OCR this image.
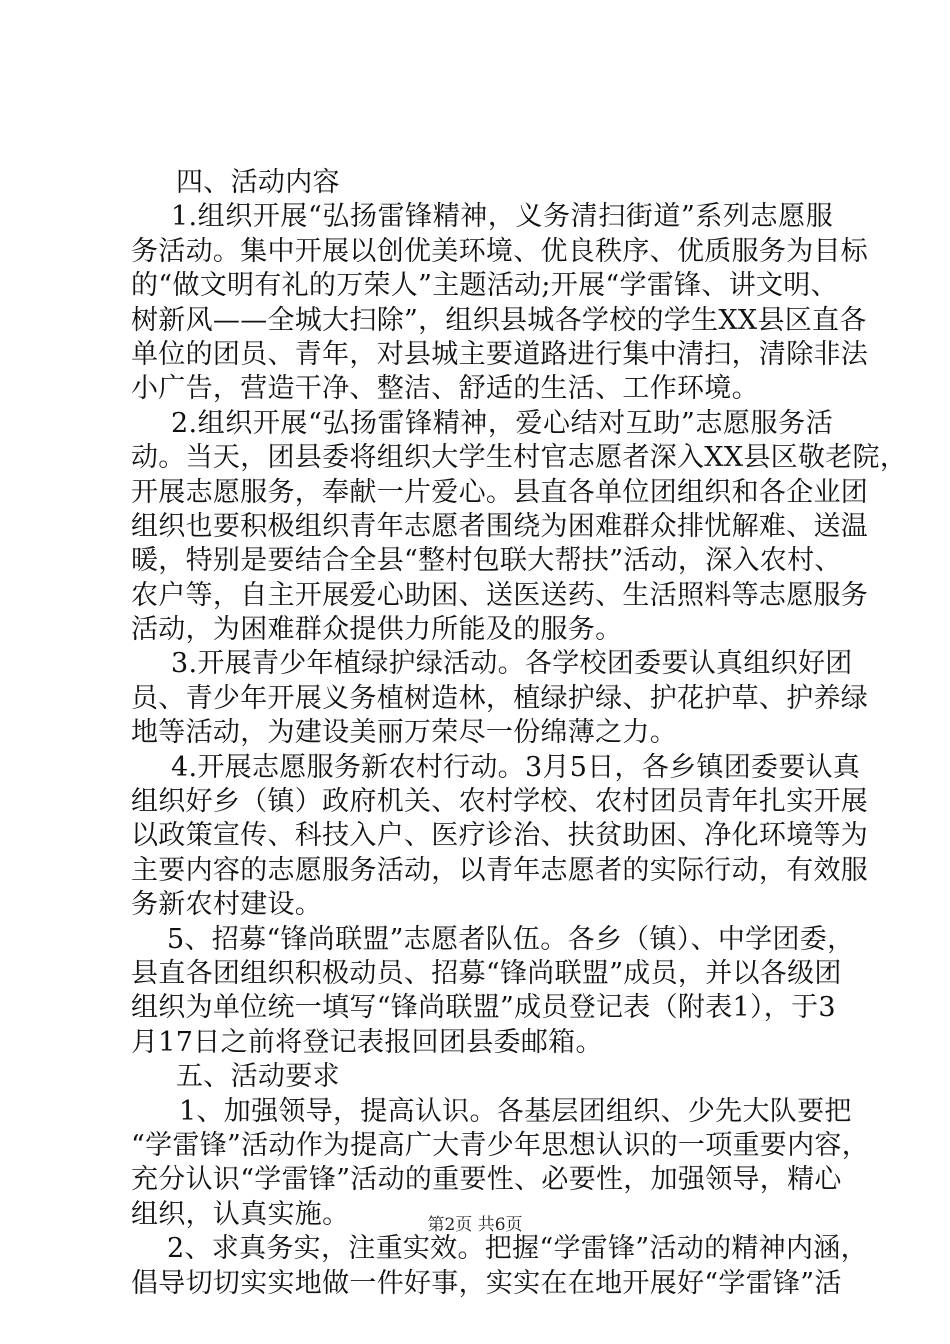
四、活动内容
1.组织开展“弘扬雷锋精神，义务清扫街道”系列志愿服
务活动。集中开展以创优美环境、优良秩序、优质服务为目标
的“做文明有礼的万荣人”主题活动;开展“学雷锋、讲文明、
树新风——全城大扫除”，组织县城各学校的学生XX县区直各
单位的团员、青年，对县城主要道路进行集中清扫，清除非法
小广告，营造干净、整洁、舒适的生活、工作环境。
2.组织开展“弘扬雷锋精神，爱心结对互助”志愿服务活
动。当天，团县委将组织大学生村官志愿者深入XX县区敬老院，
开展志愿服务，奉献一片爱心。县直各单位团组织和各企业团
组织也要积极组织青年志愿者围绕为困难群众排忧解难、送温
暖，特别是要结合全县“整村包联大帮扶”活动，深入农村、
农户等，自主开展爱心助困、送医送药、生活照料等志愿服务
活动，为困难群众提供力所能及的服务。
3.开展青少年植绿护绿活动。各学校团委要认真组织好团
员、青少年开展义务植树造林，植绿护绿、护花护草、护养绿
地等活动，为建设美丽万荣尽一份绵薄之力。
4.开展志愿服务新农村行动。3月5日，各乡镇团委要认真
组织好乡（镇）政府机关、农村学校、农村团员青年扎实开展
以政策宣传、科技入户、医疗诊治、扶贫助困、净化环境等为
主要内容的志愿服务活动，以青年志愿者的实际行动，有效服
务新农村建设。
5、招募“锋尚联盟”志愿者队伍。各乡（镇）、中学团委，
县直各团组织积极动员、招募“锋尚联盟”成员，并以各级团
组织为单位统一填写“锋尚联盟”成员登记表（附表1），于3
月17日之前将登记表报回团县委邮箱。
五、活动要求
1、加强领导，提高认识。各基层团组织、少先大队要把
“学雷锋”活动作为提高广大青少年思想认识的一项重要内容，
充分认识“学雷锋”活动的重要性、必要性，加强领导，精心
组织，认真实施。
2、求真务实，注重实效。把握“学雷锋”活动的精神内涵，
倡导切切实实地做一件好事，实实在在地开展好“学雷锋”活
第2页 共6页
